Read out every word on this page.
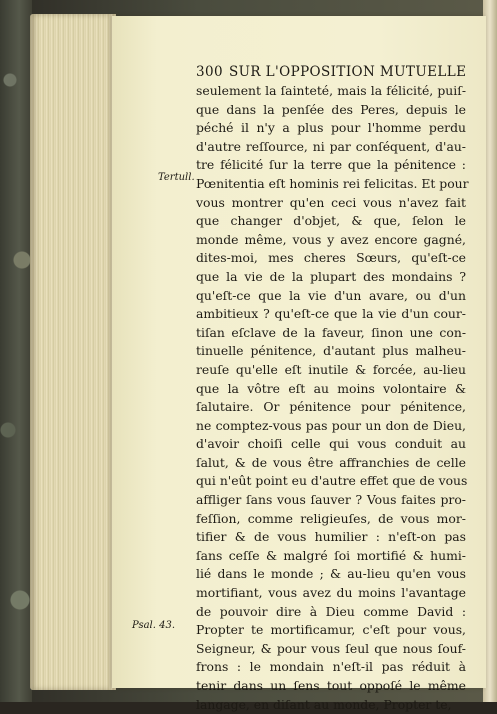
300 SUR L'OPPOSITION MUTUELLE
Tertull.
Psal. 43.
seulement la ſainteté, mais la félicité, puiſ-
que dans la penſée des Peres, depuis le
péché il n'y a plus pour l'homme perdu
d'autre reſſource, ni par conſéquent, d'au-
tre félicité ſur la terre que la pénitence :
Pœnitentia eſt hominis rei felicitas. Et pour
vous montrer qu'en ceci vous n'avez fait
que changer d'objet, & que, ſelon le
monde même, vous y avez encore gagné,
dites-moi, mes cheres Sœurs, qu'eſt-ce
que la vie de la plupart des mondains ?
qu'eſt-ce que la vie d'un avare, ou d'un
ambitieux ? qu'eſt-ce que la vie d'un cour-
tiſan eſclave de la faveur, ſinon une con-
tinuelle pénitence, d'autant plus malheu-
reuſe qu'elle eſt inutile & forcée, au-lieu
que la vôtre eſt au moins volontaire &
ſalutaire. Or pénitence pour pénitence,
ne comptez-vous pas pour un don de Dieu,
d'avoir choiſi celle qui vous conduit au
ſalut, & de vous être affranchies de celle
qui n'eût point eu d'autre effet que de vous
affliger ſans vous ſauver ? Vous faites pro-
feſſion, comme religieuſes, de vous mor-
tifier & de vous humilier : n'eſt-on pas
ſans ceſſe & malgré ſoi mortifié & humi-
lié dans le monde ; & au-lieu qu'en vous
mortifiant, vous avez du moins l'avantage
de pouvoir dire à Dieu comme David :
Propter te mortificamur, c'eſt pour vous,
Seigneur, & pour vous ſeul que nous ſouf-
frons : le mondain n'eſt-il pas réduit à
tenir dans un ſens tout oppoſé le même
langage, en diſant au monde, Propter te,
